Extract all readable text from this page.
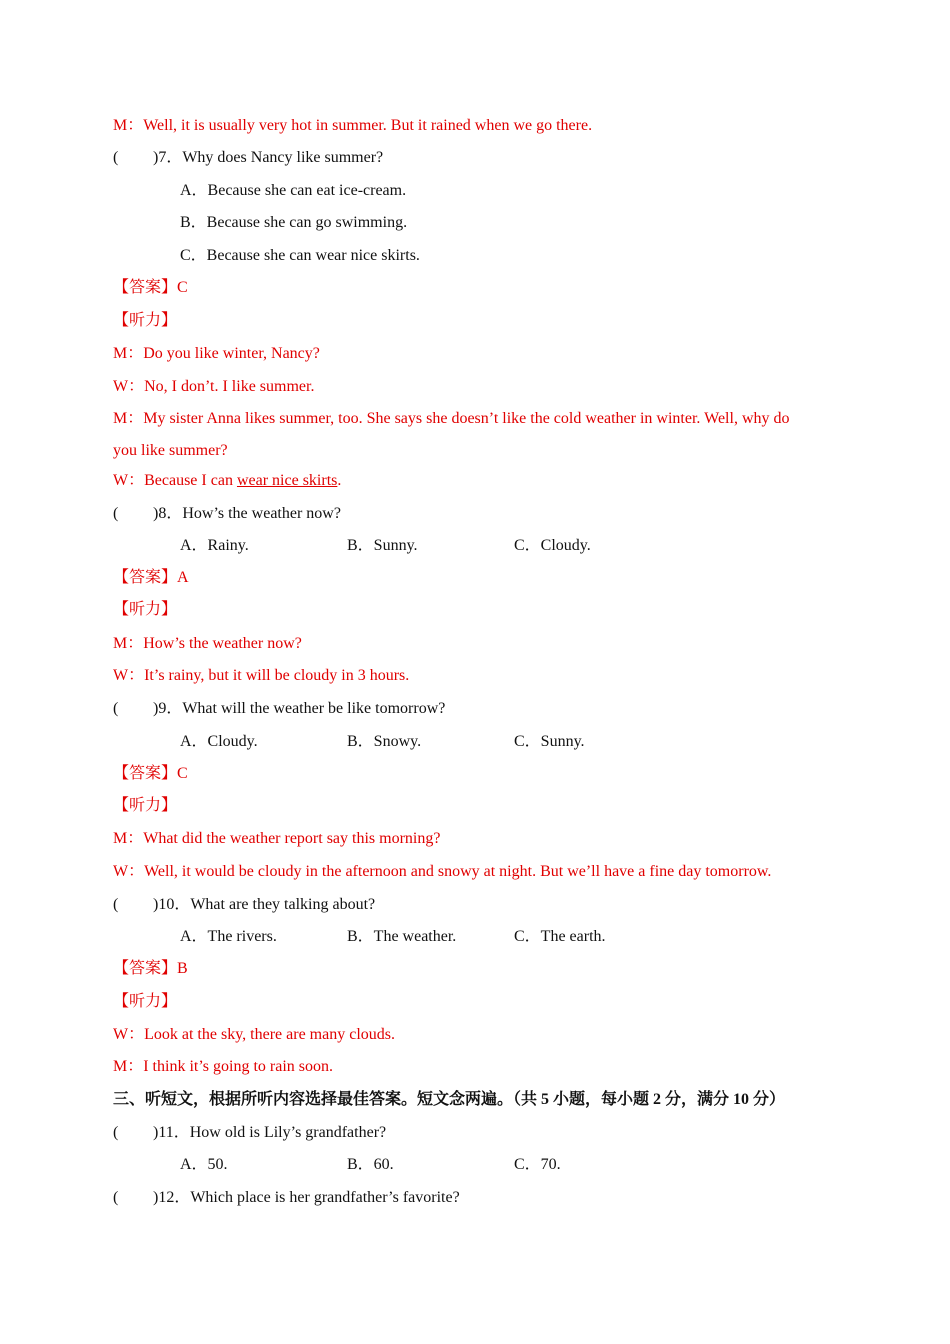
M：Well, it is usually very hot in summer. But it rained when we go there.
( )7．Why does Nancy like summer?
A．Because she can eat ice-cream.
B．Because she can go swimming.
C．Because she can wear nice skirts.
【答案】C
【听力】
M：Do you like winter, Nancy?
W：No, I don’t. I like summer.
M：My sister Anna likes summer, too. She says she doesn’t like the cold weather in winter. Well, why do
you like summer?
W：Because I can wear nice skirts.
( )8．How’s the weather now?
A．Rainy.	B．Sunny.	C．Cloudy.
【答案】A
【听力】
M：How’s the weather now?
W：It’s rainy, but it will be cloudy in 3 hours.
( )9．What will the weather be like tomorrow?
A．Cloudy.	B．Snowy.	C．Sunny.
【答案】C
【听力】
M：What did the weather report say this morning?
W：Well, it would be cloudy in the afternoon and snowy at night. But we’ll have a fine day tomorrow.
( )10．What are they talking about?
A．The rivers.	B．The weather.	C．The earth.
【答案】B
【听力】
W：Look at the sky, there are many clouds.
M：I think it’s going to rain soon.
三、听短文，根据所听内容选择最佳答案。短文念两遍。（共 5 小题，每小题 2 分，满分 10 分）
( )11．How old is Lily’s grandfather?
A．50.	B．60.	C．70.
( )12．Which place is her grandfather’s favorite?
